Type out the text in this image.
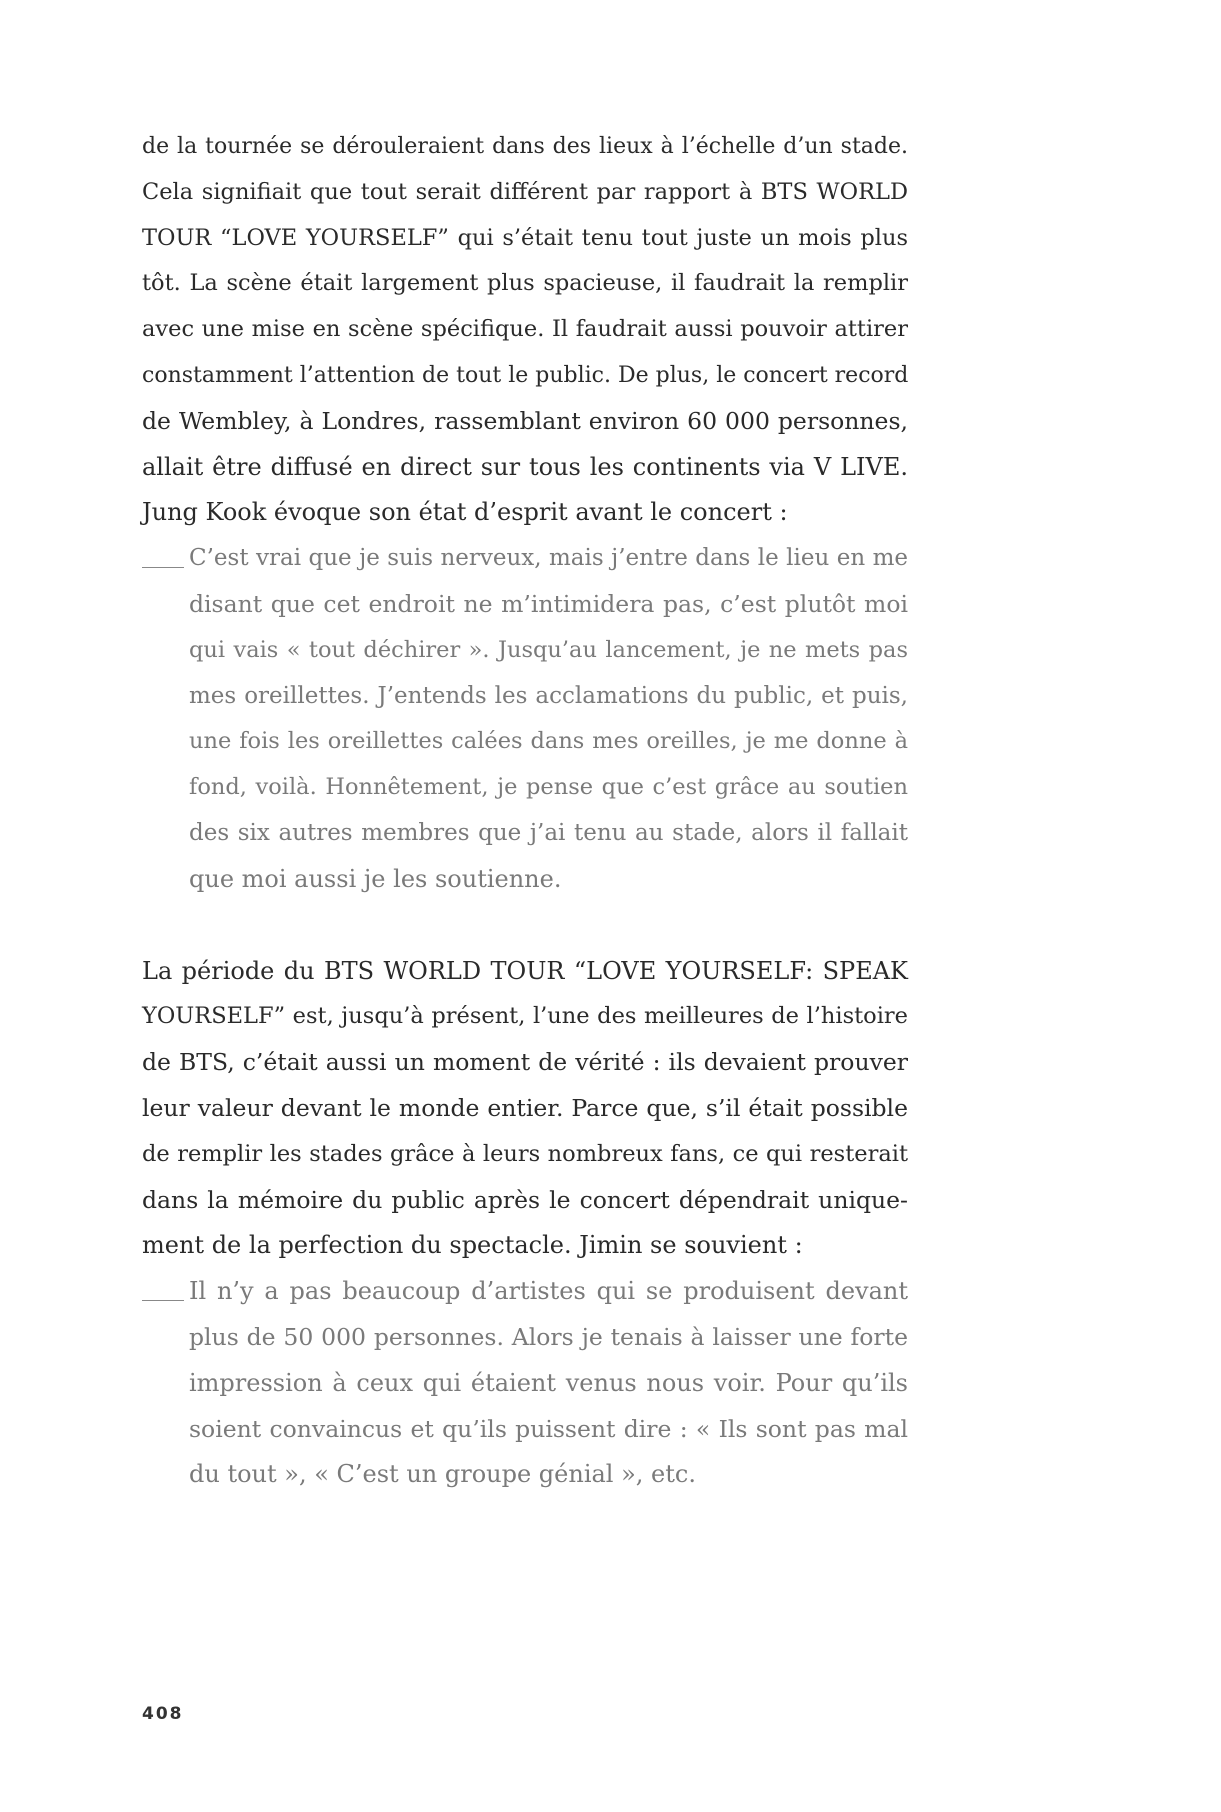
de la tournée se dérouleraient dans des lieux à l’échelle d’un stade.
Cela signifiait que tout serait différent par rapport à BTS WORLD
TOUR “LOVE YOURSELF” qui s’était tenu tout juste un mois plus
tôt. La scène était largement plus spacieuse, il faudrait la remplir
avec une mise en scène spécifique. Il faudrait aussi pouvoir attirer
constamment l’attention de tout le public. De plus, le concert record
de Wembley, à Londres, rassemblant environ 60 000 personnes,
allait être diffusé en direct sur tous les continents via V LIVE.
Jung Kook évoque son état d’esprit avant le concert :

C’est vrai que je suis nerveux, mais j’entre dans le lieu en me
disant que cet endroit ne m’intimidera pas, c’est plutôt moi
qui vais « tout déchirer ». Jusqu’au lancement, je ne mets pas
mes oreillettes. J’entends les acclamations du public, et puis,
une fois les oreillettes calées dans mes oreilles, je me donne à
fond, voilà. Honnêtement, je pense que c’est grâce au soutien
des six autres membres que j’ai tenu au stade, alors il fallait
que moi aussi je les soutienne.

La période du BTS WORLD TOUR “LOVE YOURSELF: SPEAK
YOURSELF” est, jusqu’à présent, l’une des meilleures de l’histoire
de BTS, c’était aussi un moment de vérité : ils devaient prouver
leur valeur devant le monde entier. Parce que, s’il était possible
de remplir les stades grâce à leurs nombreux fans, ce qui resterait
dans la mémoire du public après le concert dépendrait unique-
ment de la perfection du spectacle. Jimin se souvient :

Il n’y a pas beaucoup d’artistes qui se produisent devant
plus de 50 000 personnes. Alors je tenais à laisser une forte
impression à ceux qui étaient venus nous voir. Pour qu’ils
soient convaincus et qu’ils puissent dire : « Ils sont pas mal
du tout », « C’est un groupe génial », etc.
408
